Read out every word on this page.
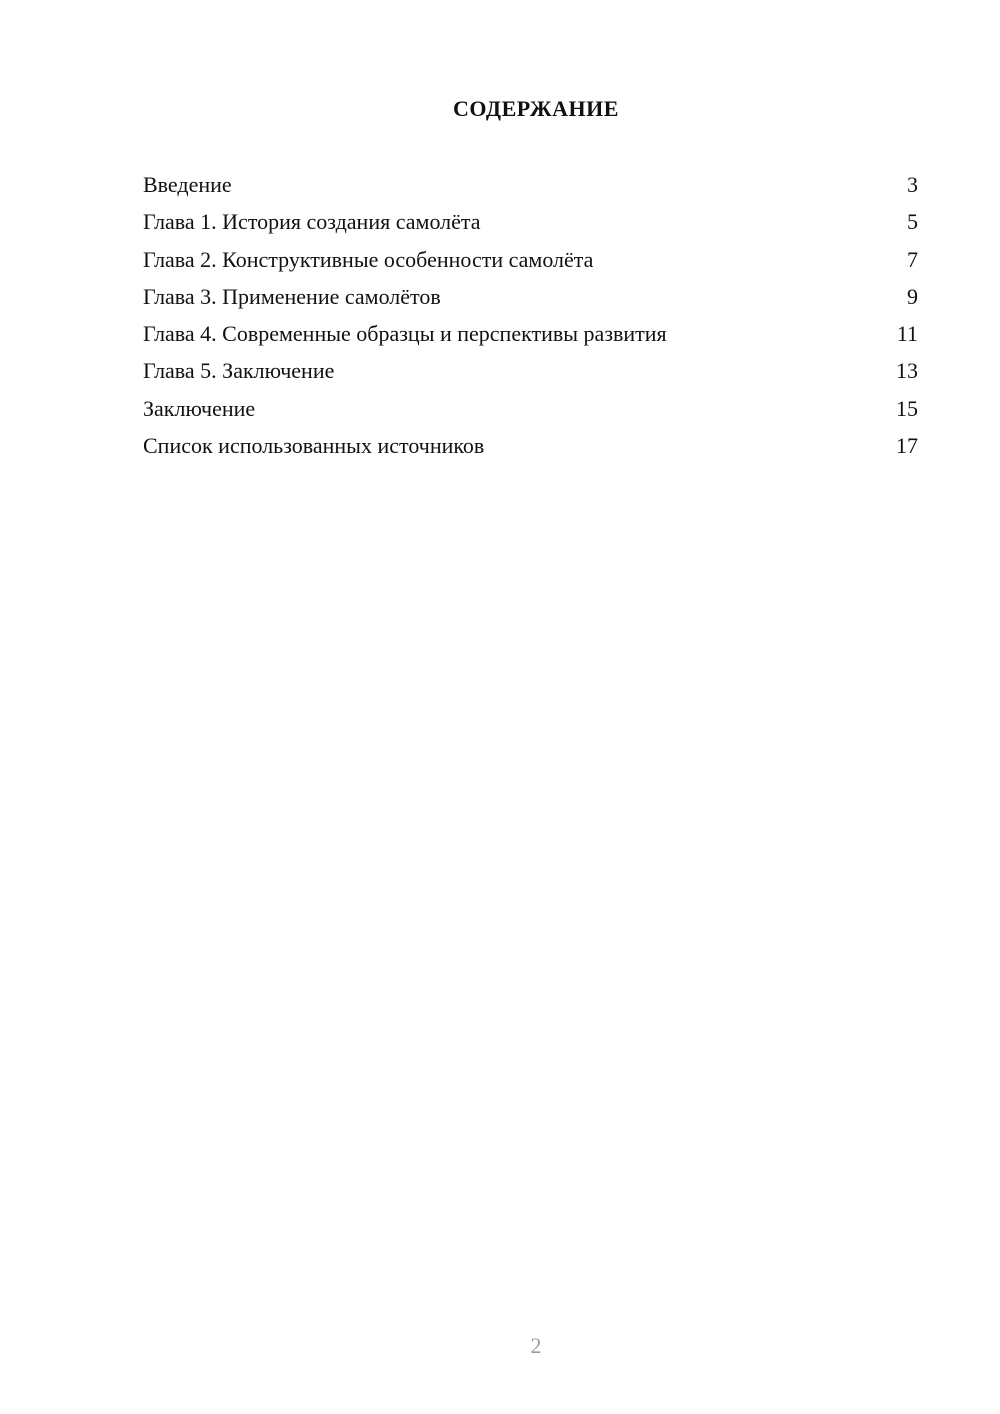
СОДЕРЖАНИЕ
Введение	3
Глава 1. История создания самолёта	5
Глава 2. Конструктивные особенности самолёта	7
Глава 3. Применение самолётов	9
Глава 4. Современные образцы и перспективы развития	11
Глава 5. Заключение	13
Заключение	15
Список использованных источников	17
2
